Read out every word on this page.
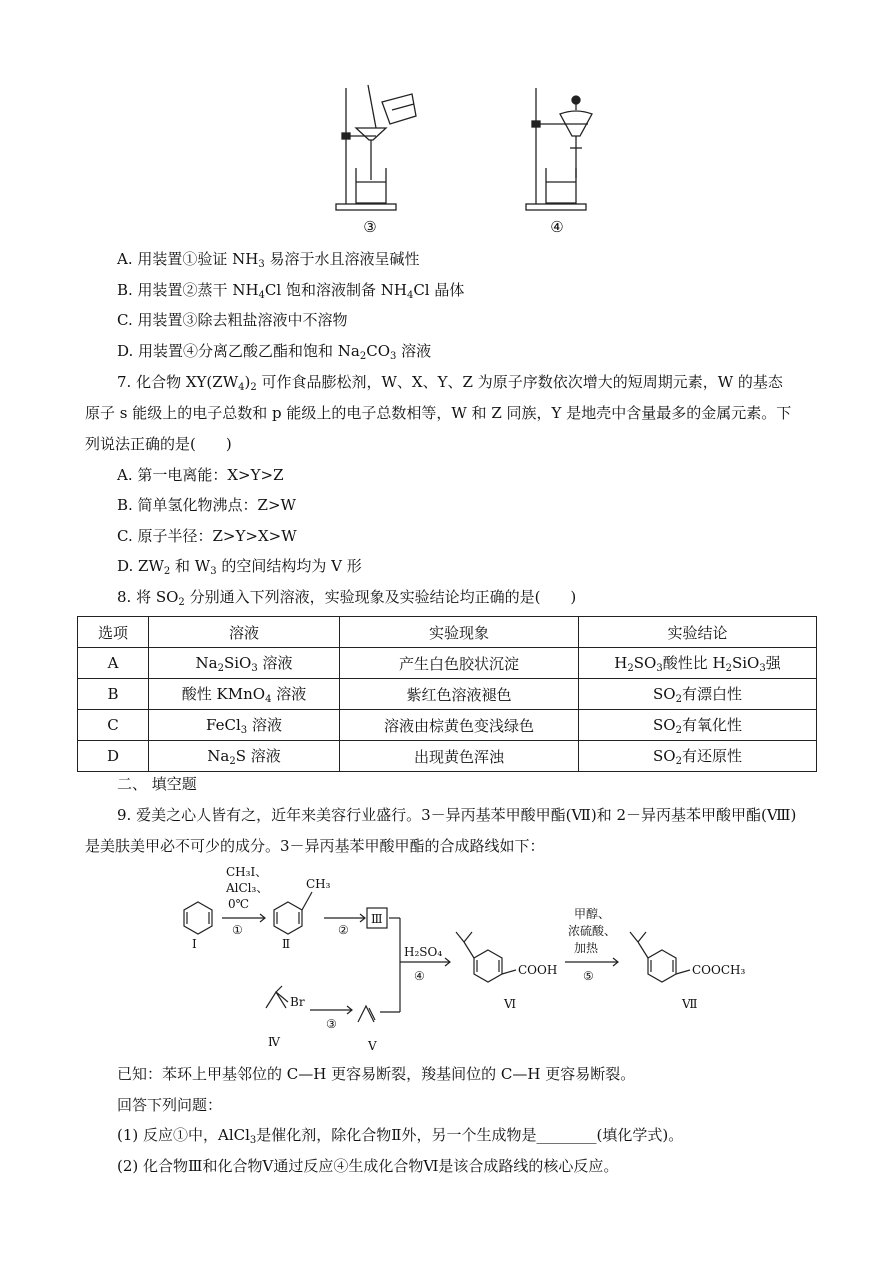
③	④
A. 用装置①验证 $NH_3$ 易溶于水且溶液呈碱性
B. 用装置②蒸干 $NH_4Cl$ 饱和溶液制备 $NH_4Cl$ 晶体
C. 用装置③除去粗盐溶液中不溶物
D. 用装置④分离乙酸乙酯和饱和 $Na_2CO_3$ 溶液
7. 化合物 $XY(ZW_4)_2$ 可作食品膨松剂，W、X、Y、Z 为原子序数依次增大的短周期元素，W 的基态
原子 s 能级上的电子总数和 p 能级上的电子总数相等，W 和 Z 同族，Y 是地壳中含量最多的金属元素。下
列说法正确的是(　　)
A. 第一电离能：X>Y>Z
B. 简单氢化物沸点：Z>W
C. 原子半径：Z>Y>X>W
D. $ZW_2$ 和 $W_3$ 的空间结构均为 V 形
8. 将 $SO_2$ 分别通入下列溶液，实验现象及实验结论均正确的是(　　)
选项	溶液	实验现象	实验结论
A	$Na_2SiO_3$ 溶液	产生白色胶状沉淀	$H_2SO_3$酸性比 $H_2SiO_3$强
B	酸性 KMnO$_4$ 溶液	紫红色溶液褪色	$SO_2$有漂白性
C	FeCl$_3$ 溶液	溶液由棕黄色变浅绿色	$SO_2$有氧化性
D	$Na_2S$ 溶液	出现黄色浑浊	$SO_2$有还原性
二、 填空题
9. 爱美之心人皆有之，近年来美容行业盛行。3－异丙基苯甲酸甲酯(Ⅶ)和 2－异丙基苯甲酸甲酯(Ⅷ)
是美肤美甲必不可少的成分。3－异丙基苯甲酸甲酯的合成路线如下：
CH₃I、
AlCl₃、
0℃
①
Ⅰ
CH₃
Ⅱ
②
Ⅲ
H₂SO₄
④
Br
Ⅳ
③
Ⅴ
COOH
Ⅵ
甲醇、
浓硫酸、
加热
⑤	COOCH₃
Ⅶ
已知：苯环上甲基邻位的 C—H 更容易断裂，羧基间位的 C—H 更容易断裂。
回答下列问题：
(1) 反应①中，AlCl$_3$是催化剂，除化合物Ⅱ外，另一个生成物是________(填化学式)。
(2) 化合物Ⅲ和化合物Ⅴ通过反应④生成化合物Ⅵ是该合成路线的核心反应。
